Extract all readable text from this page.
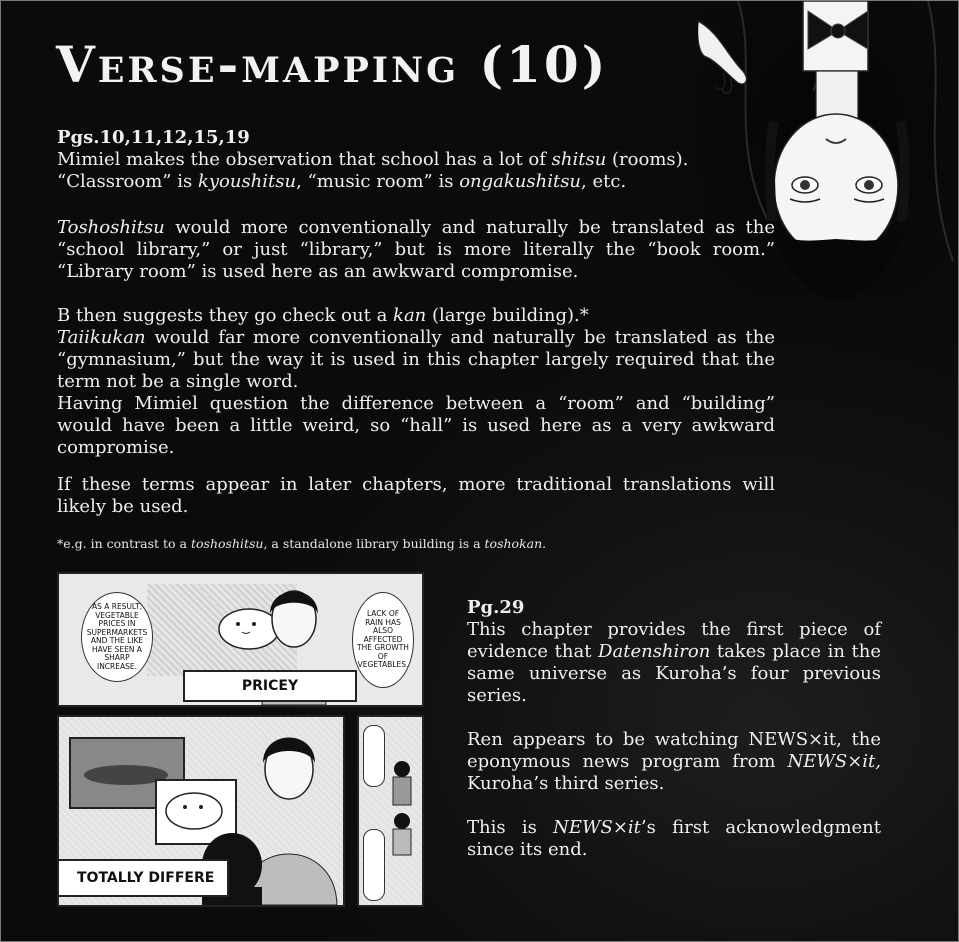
Verse-mapping (10)
Pgs.10,11,12,15,19

Mimiel makes the observation that school has a lot of shitsu (rooms).

“Classroom” is kyoushitsu, “music room” is ongakushitsu, etc.

Toshoshitsu would more conventionally and naturally be translated as the “school library,” or just “library,” but is more literally the “book room.” “Library room” is used here as an awkward compromise.

B then suggests they go check out a kan (large building).*

Taiikukan would far more conventionally and naturally be translated as the “gymnasium,” but the way it is used in this chapter largely required that the term not be a single word.

Having Mimiel question the difference between a “room” and “building” would have been a little weird, so “hall” is used here as a very awkward compromise.

If these terms appear in later chapters, more traditional translations will likely be used.

*e.g. in contrast to a toshoshitsu, a standalone library building is a toshokan.
AS A RESULT, VEGETABLE PRICES IN SUPERMARKETS AND THE LIKE HAVE SEEN A SHARP INCREASE.
LACK OF RAIN HAS ALSO AFFECTED THE GROWTH OF VEGETABLES.
PRICEY
TOTALLY DIFFERE
Pg.29

This chapter provides the first piece of evidence that Datenshiron takes place in the same universe as Kuroha’s four previous series.

Ren appears to be watching NEWS×it, the eponymous news program from NEWS×it, Kuroha’s third series.

This is NEWS×it’s first acknowledgment since its end.
